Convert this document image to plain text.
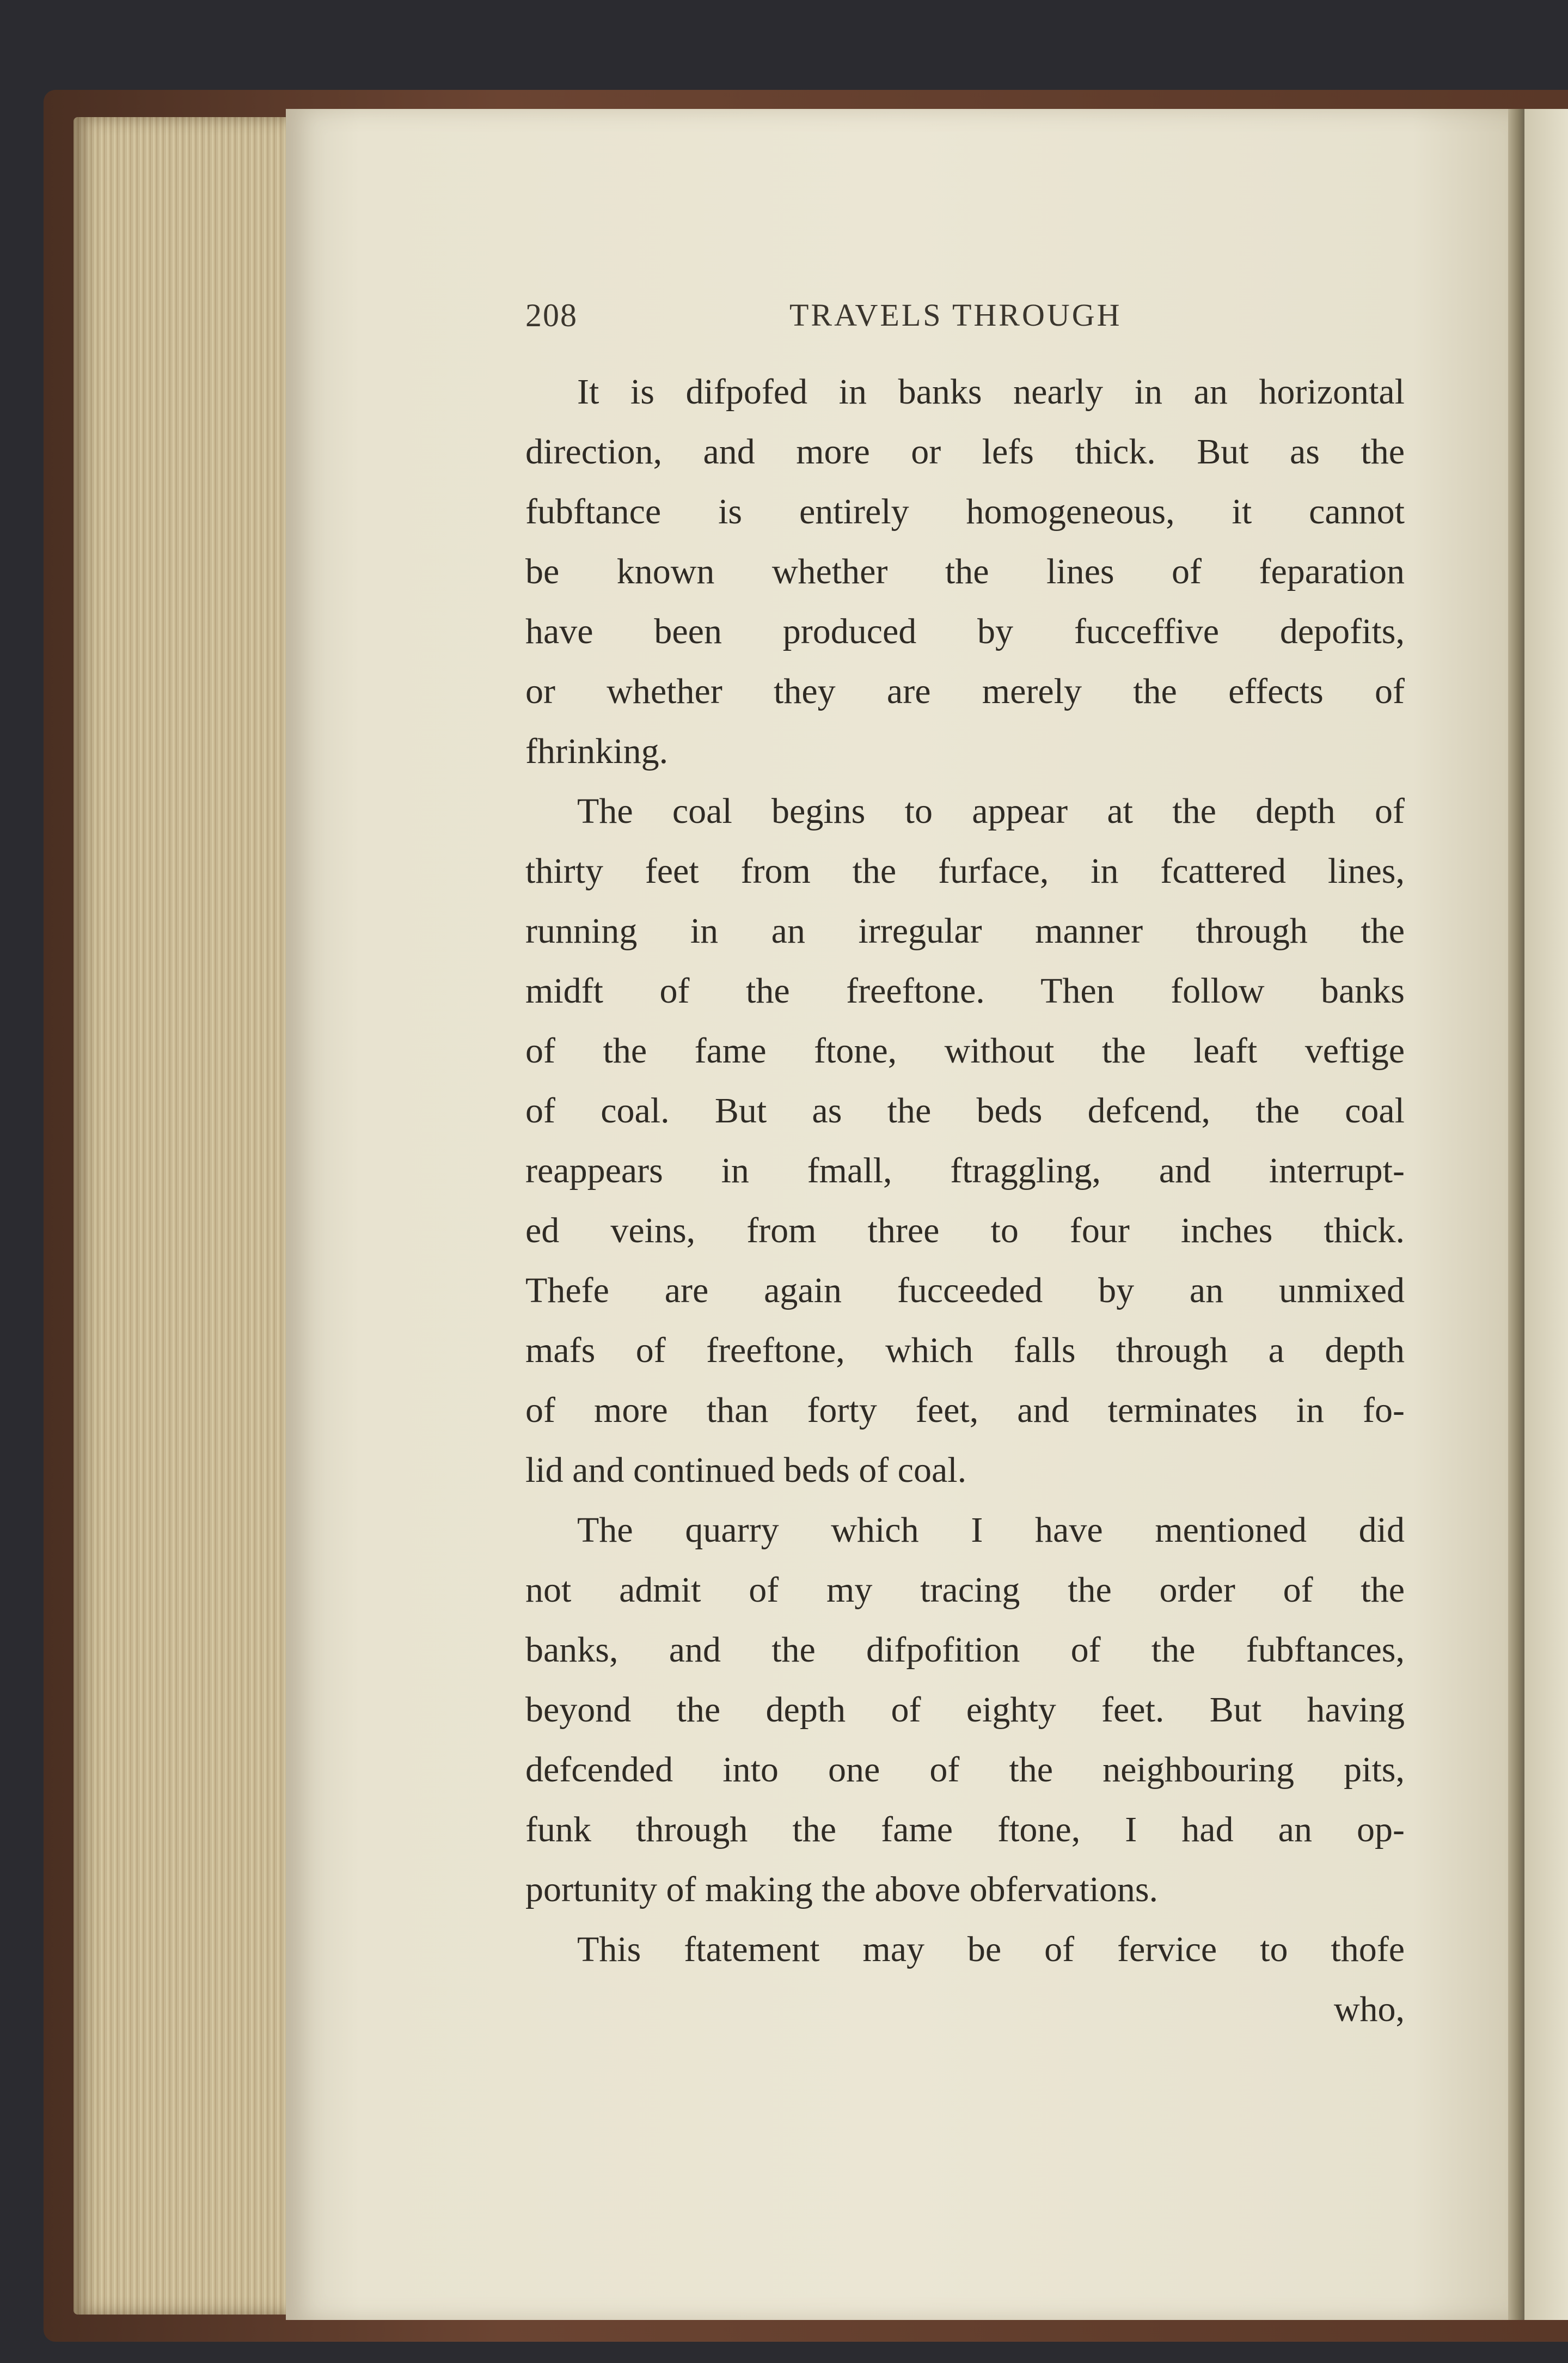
208	TRAVELS THROUGH
It is difpofed in banks nearly in an horizontal
direction, and more or lefs thick. But as the
fubftance is entirely homogeneous, it cannot
be known whether the lines of feparation
have been produced by fucceffive depofits,
or whether they are merely the effects of
fhrinking.
The coal begins to appear at the depth of
thirty feet from the furface, in fcattered lines,
running in an irregular manner through the
midft of the freeftone. Then follow banks
of the fame ftone, without the leaft veftige
of coal. But as the beds defcend, the coal
reappears in fmall, ftraggling, and interrupt-
ed veins, from three to four inches thick.
Thefe are again fucceeded by an unmixed
mafs of freeftone, which falls through a depth
of more than forty feet, and terminates in fo-
lid and continued beds of coal.
The quarry which I have mentioned did
not admit of my tracing the order of the
banks, and the difpofition of the fubftances,
beyond the depth of eighty feet. But having
defcended into one of the neighbouring pits,
funk through the fame ftone, I had an op-
portunity of making the above obfervations.
This ftatement may be of fervice to thofe
who,
